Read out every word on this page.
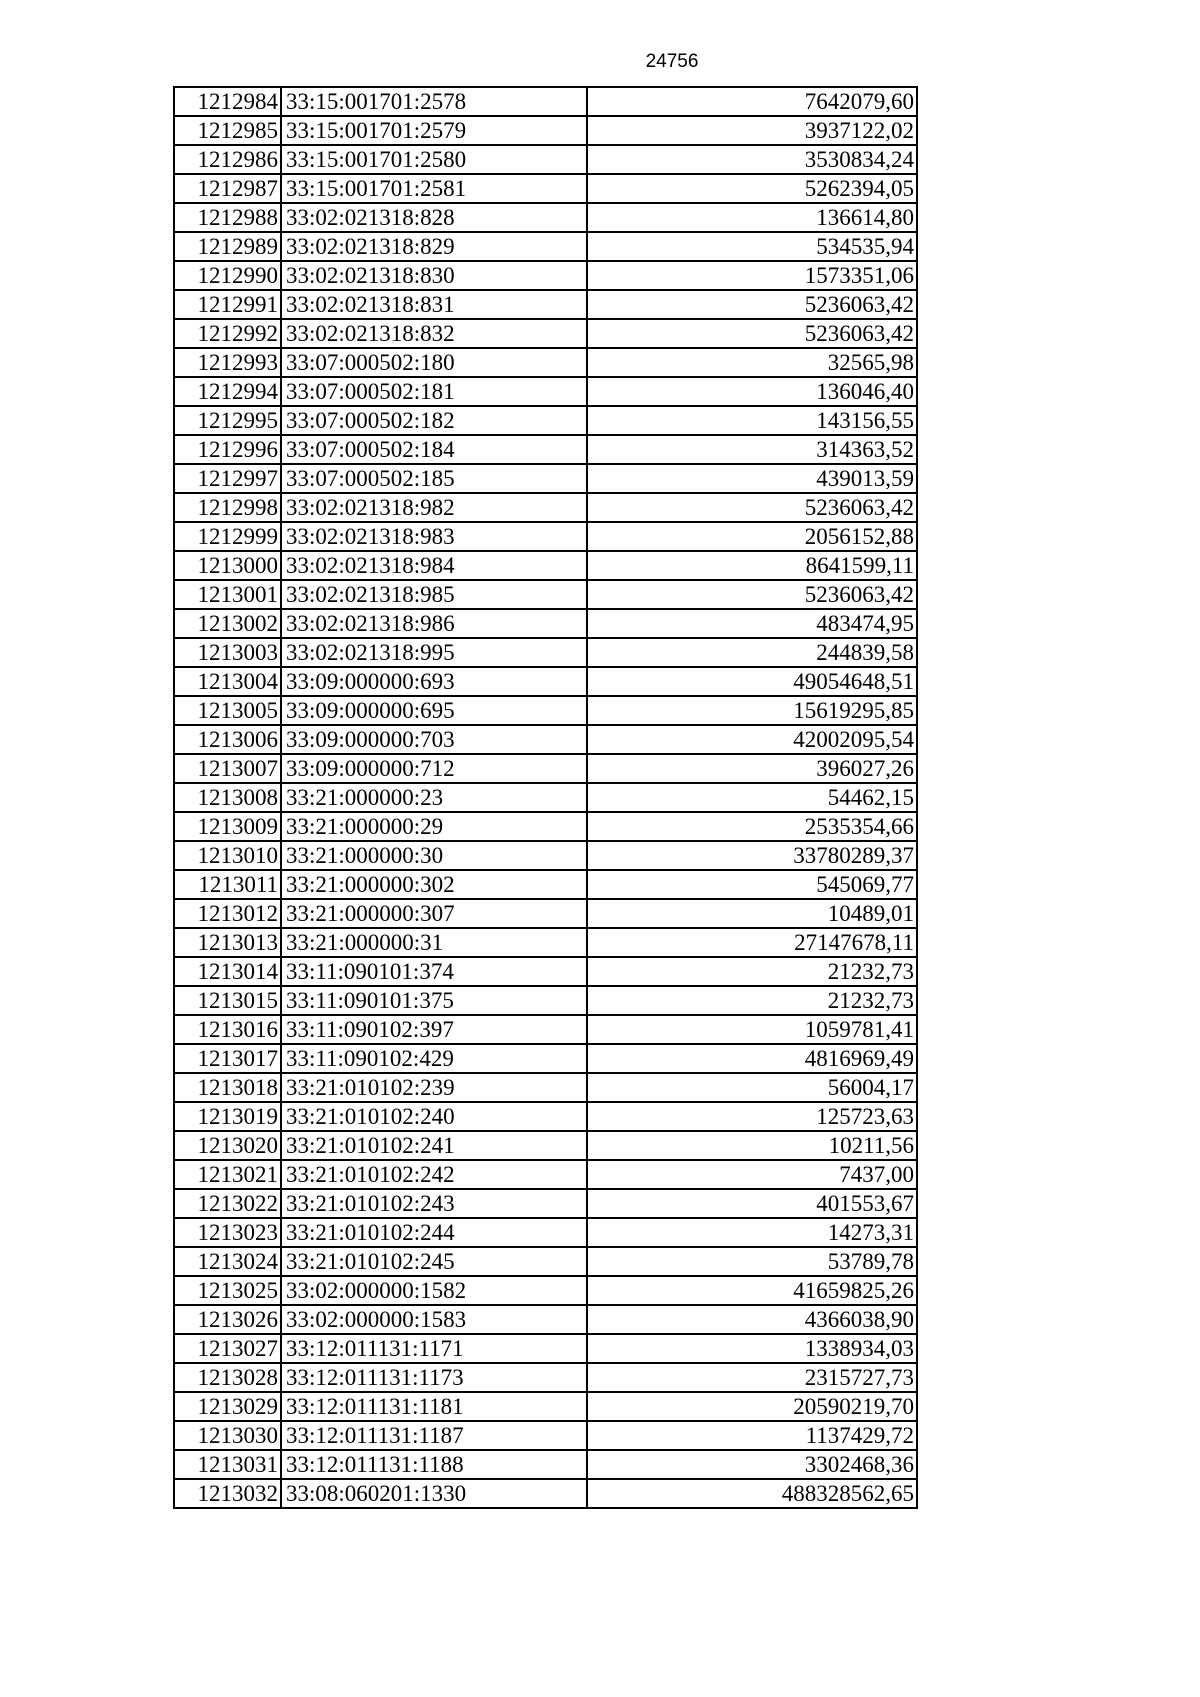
24756
1212984	33:15:001701:2578	7642079,60
1212985	33:15:001701:2579	3937122,02
1212986	33:15:001701:2580	3530834,24
1212987	33:15:001701:2581	5262394,05
1212988	33:02:021318:828	136614,80
1212989	33:02:021318:829	534535,94
1212990	33:02:021318:830	1573351,06
1212991	33:02:021318:831	5236063,42
1212992	33:02:021318:832	5236063,42
1212993	33:07:000502:180	32565,98
1212994	33:07:000502:181	136046,40
1212995	33:07:000502:182	143156,55
1212996	33:07:000502:184	314363,52
1212997	33:07:000502:185	439013,59
1212998	33:02:021318:982	5236063,42
1212999	33:02:021318:983	2056152,88
1213000	33:02:021318:984	8641599,11
1213001	33:02:021318:985	5236063,42
1213002	33:02:021318:986	483474,95
1213003	33:02:021318:995	244839,58
1213004	33:09:000000:693	49054648,51
1213005	33:09:000000:695	15619295,85
1213006	33:09:000000:703	42002095,54
1213007	33:09:000000:712	396027,26
1213008	33:21:000000:23	54462,15
1213009	33:21:000000:29	2535354,66
1213010	33:21:000000:30	33780289,37
1213011	33:21:000000:302	545069,77
1213012	33:21:000000:307	10489,01
1213013	33:21:000000:31	27147678,11
1213014	33:11:090101:374	21232,73
1213015	33:11:090101:375	21232,73
1213016	33:11:090102:397	1059781,41
1213017	33:11:090102:429	4816969,49
1213018	33:21:010102:239	56004,17
1213019	33:21:010102:240	125723,63
1213020	33:21:010102:241	10211,56
1213021	33:21:010102:242	7437,00
1213022	33:21:010102:243	401553,67
1213023	33:21:010102:244	14273,31
1213024	33:21:010102:245	53789,78
1213025	33:02:000000:1582	41659825,26
1213026	33:02:000000:1583	4366038,90
1213027	33:12:011131:1171	1338934,03
1213028	33:12:011131:1173	2315727,73
1213029	33:12:011131:1181	20590219,70
1213030	33:12:011131:1187	1137429,72
1213031	33:12:011131:1188	3302468,36
1213032	33:08:060201:1330	488328562,65
